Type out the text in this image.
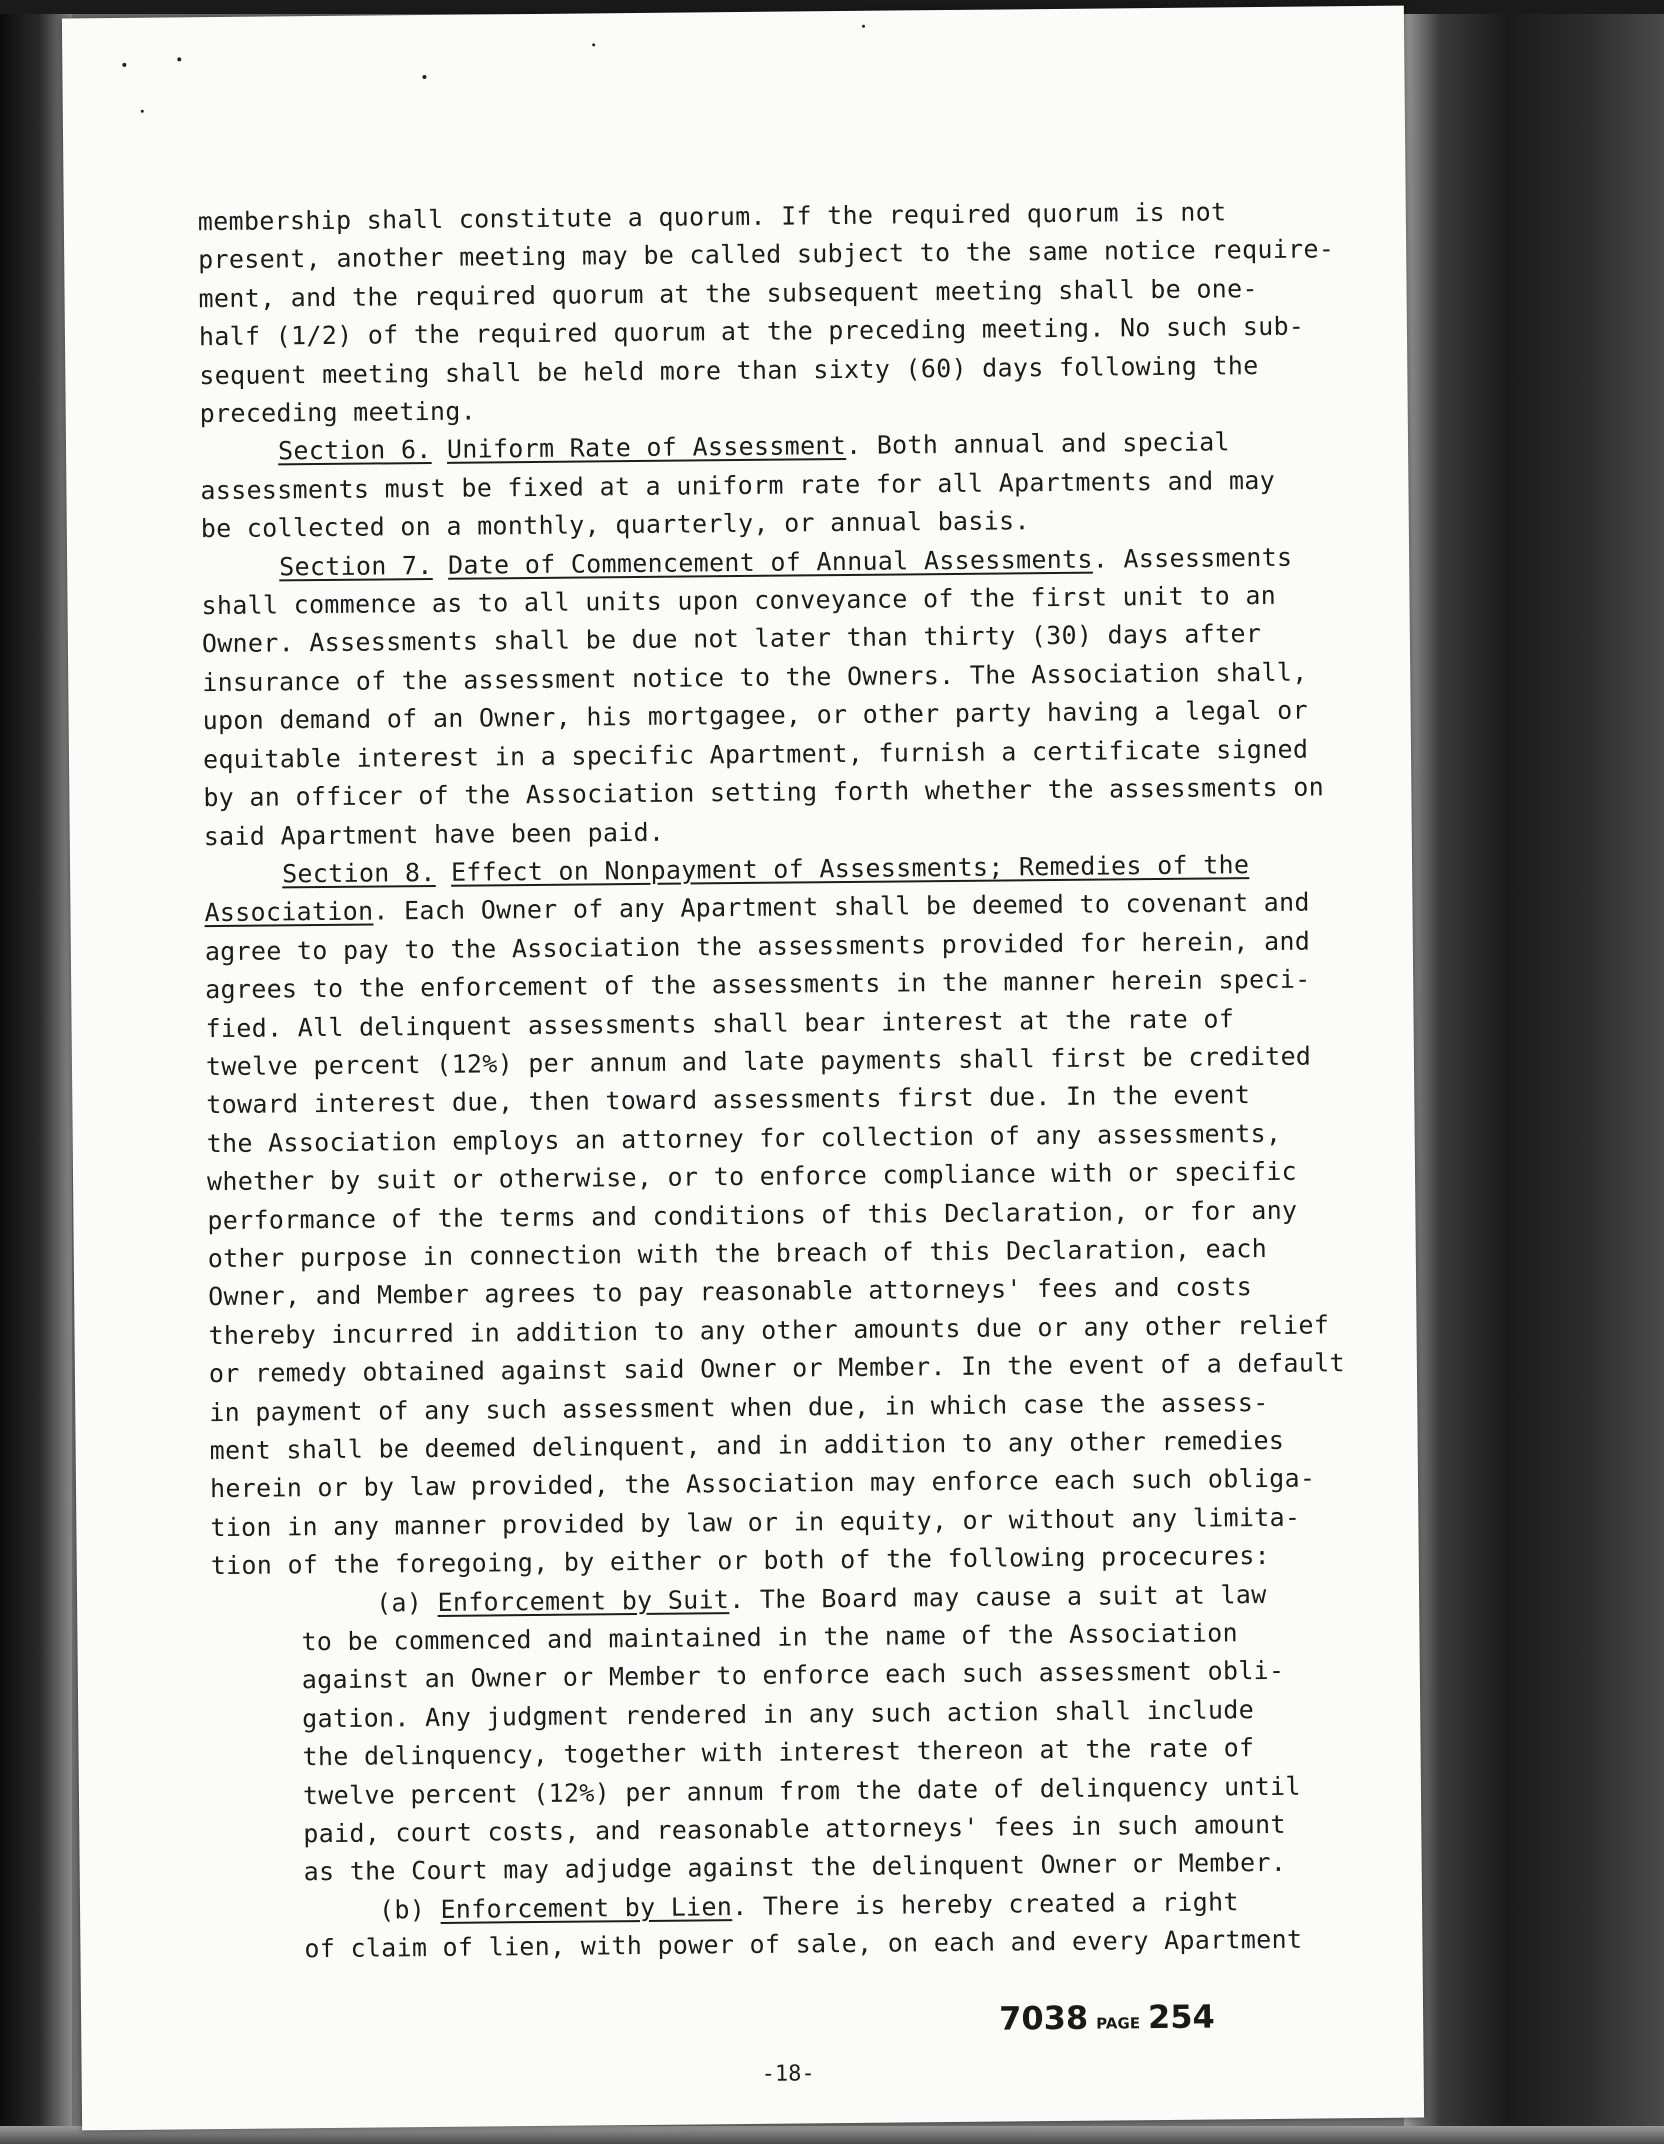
membership shall constitute a quorum. If the required quorum is not
present, another meeting may be called subject to the same notice require-
ment, and the required quorum at the subsequent meeting shall be one-
half (1/2) of the required quorum at the preceding meeting. No such sub-
sequent meeting shall be held more than sixty (60) days following the
preceding meeting.

Section 6. Uniform Rate of Assessment. Both annual and special
assessments must be fixed at a uniform rate for all Apartments and may
be collected on a monthly, quarterly, or annual basis.

Section 7. Date of Commencement of Annual Assessments. Assessments
shall commence as to all units upon conveyance of the first unit to an
Owner. Assessments shall be due not later than thirty (30) days after
insurance of the assessment notice to the Owners. The Association shall,
upon demand of an Owner, his mortgagee, or other party having a legal or
equitable interest in a specific Apartment, furnish a certificate signed
by an officer of the Association setting forth whether the assessments on
said Apartment have been paid.

Section 8. Effect on Nonpayment of Assessments; Remedies of the
Association. Each Owner of any Apartment shall be deemed to covenant and
agree to pay to the Association the assessments provided for herein, and
agrees to the enforcement of the assessments in the manner herein speci-
fied. All delinquent assessments shall bear interest at the rate of
twelve percent (12%) per annum and late payments shall first be credited
toward interest due, then toward assessments first due. In the event
the Association employs an attorney for collection of any assessments,
whether by suit or otherwise, or to enforce compliance with or specific
performance of the terms and conditions of this Declaration, or for any
other purpose in connection with the breach of this Declaration, each
Owner, and Member agrees to pay reasonable attorneys' fees and costs
thereby incurred in addition to any other amounts due or any other relief
or remedy obtained against said Owner or Member. In the event of a default
in payment of any such assessment when due, in which case the assess-
ment shall be deemed delinquent, and in addition to any other remedies
herein or by law provided, the Association may enforce each such obliga-
tion in any manner provided by law or in equity, or without any limita-
tion of the foregoing, by either or both of the following procecures:

(a) Enforcement by Suit. The Board may cause a suit at law
to be commenced and maintained in the name of the Association
against an Owner or Member to enforce each such assessment obli-
gation. Any judgment rendered in any such action shall include
the delinquency, together with interest thereon at the rate of
twelve percent (12%) per annum from the date of delinquency until
paid, court costs, and reasonable attorneys' fees in such amount
as the Court may adjudge against the delinquent Owner or Member.

(b) Enforcement by Lien. There is hereby created a right
of claim of lien, with power of sale, on each and every Apartment

7038 PAGE 254
-18-
